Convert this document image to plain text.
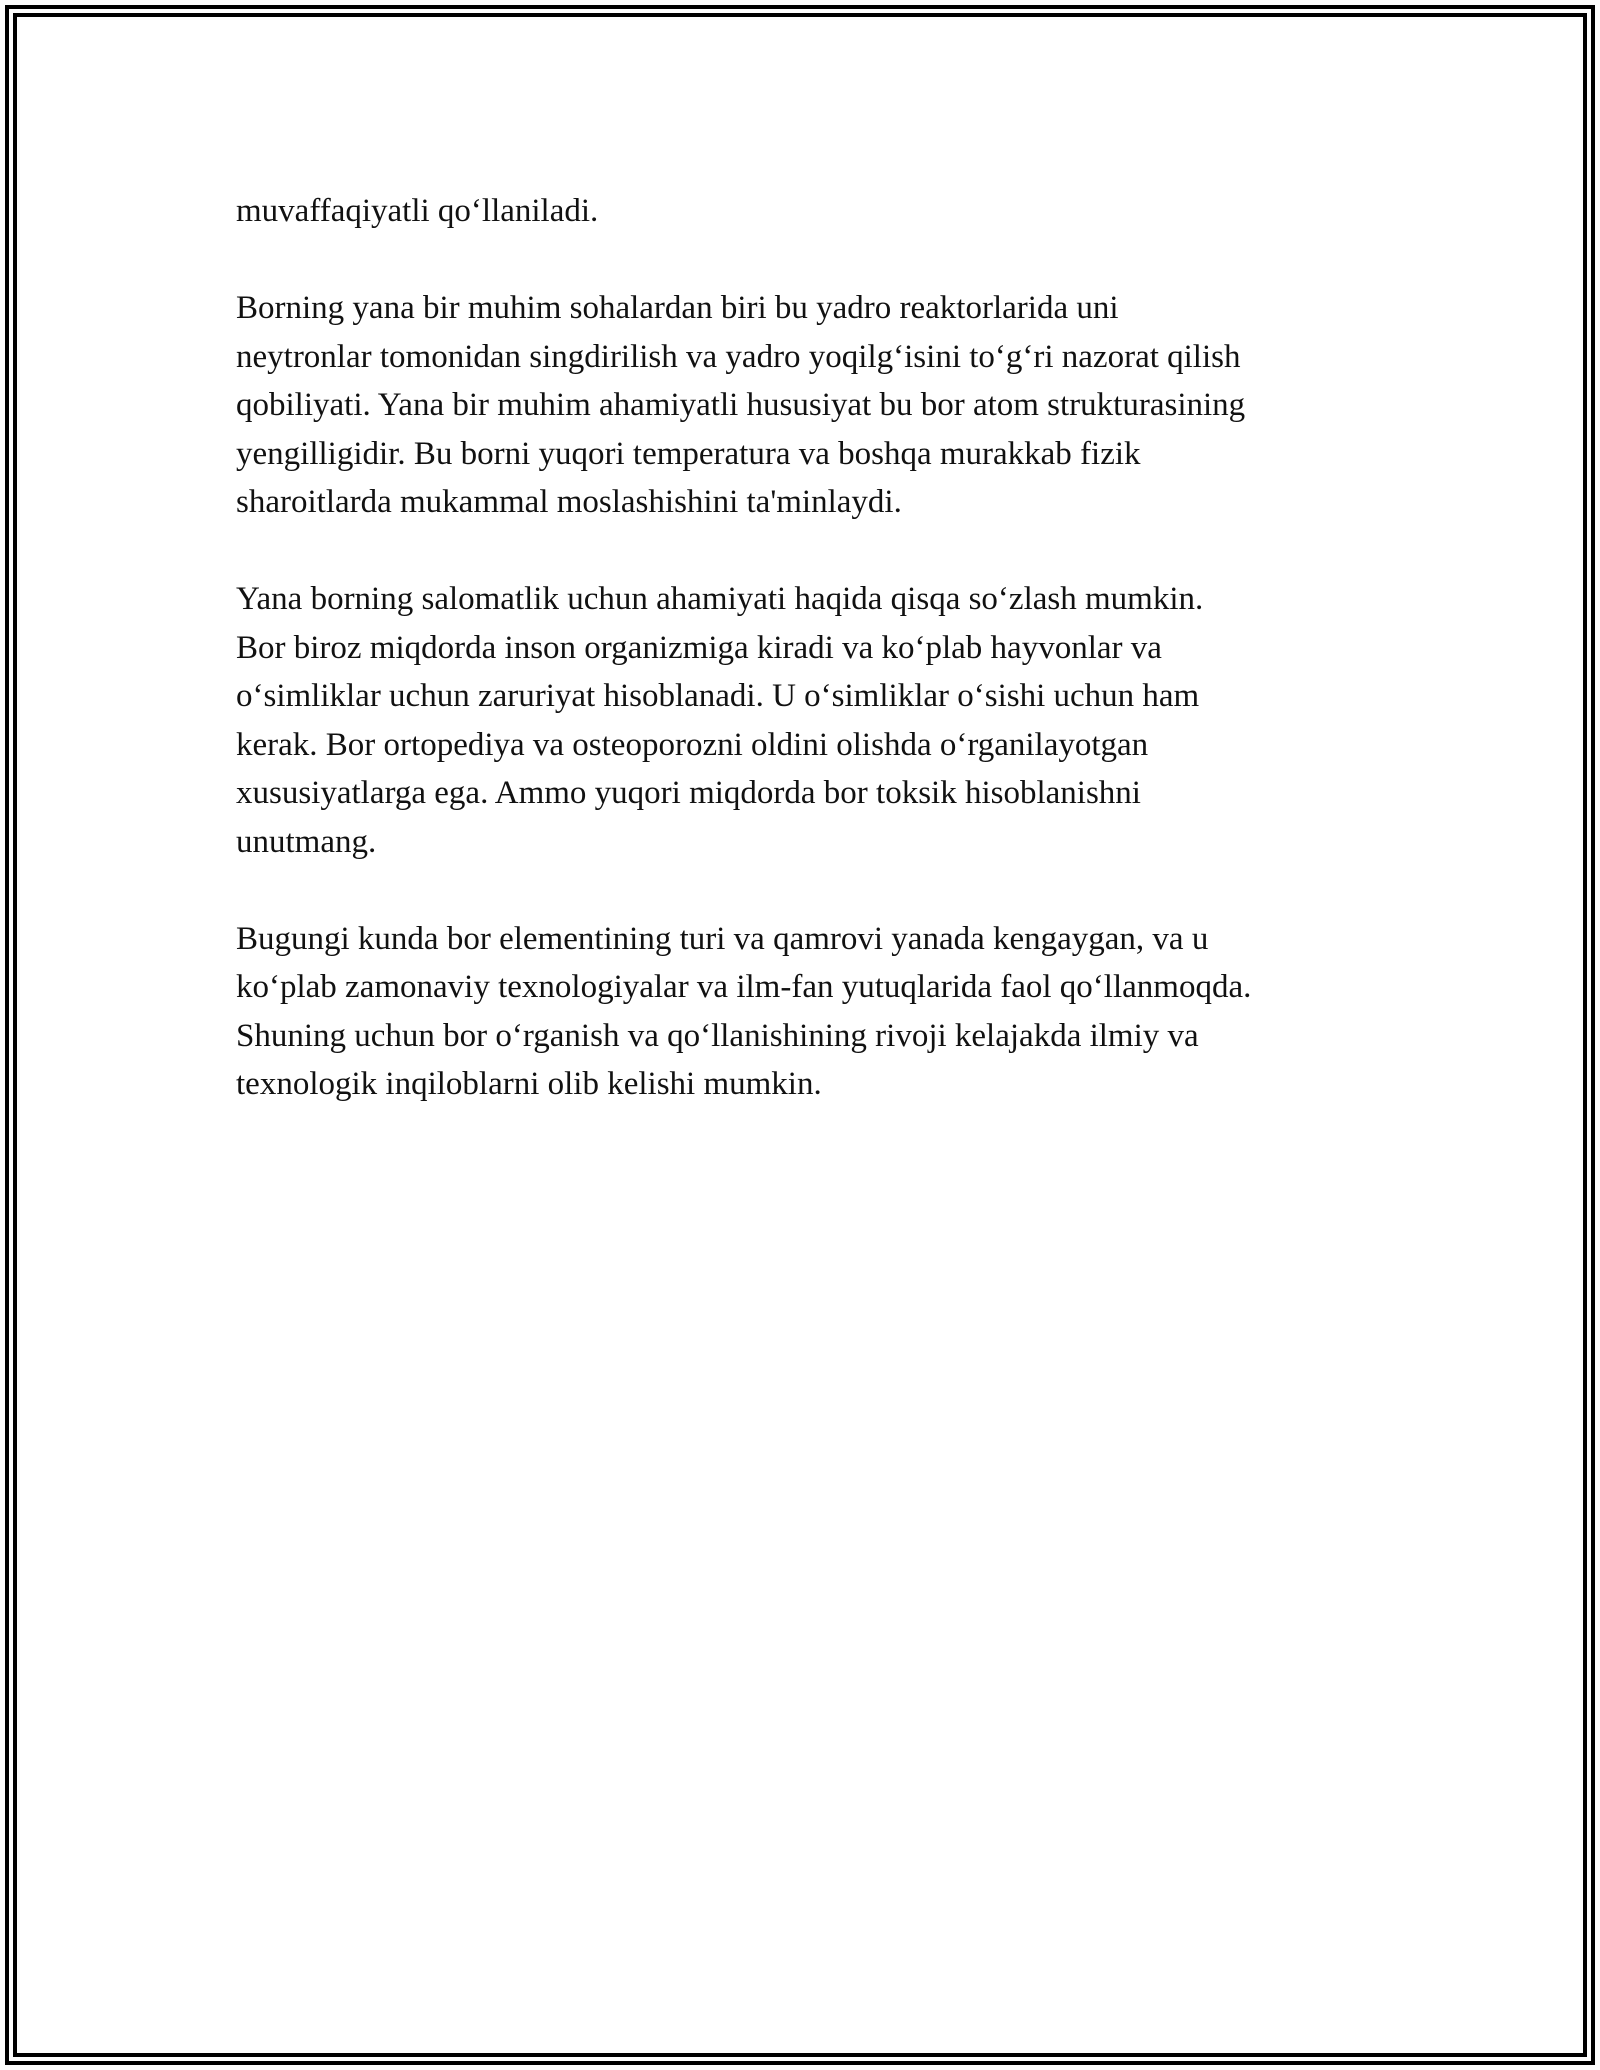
muvaffaqiyatli qo‘llaniladi.
Borning yana bir muhim sohalardan biri bu yadro reaktorlarida uni
neytronlar tomonidan singdirilish va yadro yoqilg‘isini to‘g‘ri nazorat qilish
qobiliyati. Yana bir muhim ahamiyatli hususiyat bu bor atom strukturasining
yengilligidir. Bu borni yuqori temperatura va boshqa murakkab fizik
sharoitlarda mukammal moslashishini ta'minlaydi.
Yana borning salomatlik uchun ahamiyati haqida qisqa so‘zlash mumkin.
Bor biroz miqdorda inson organizmiga kiradi va ko‘plab hayvonlar va
o‘simliklar uchun zaruriyat hisoblanadi. U o‘simliklar o‘sishi uchun ham
kerak. Bor ortopediya va osteoporozni oldini olishda o‘rganilayotgan
xususiyatlarga ega. Ammo yuqori miqdorda bor toksik hisoblanishni
unutmang.
Bugungi kunda bor elementining turi va qamrovi yanada kengaygan, va u
ko‘plab zamonaviy texnologiyalar va ilm-fan yutuqlarida faol qo‘llanmoqda.
Shuning uchun bor o‘rganish va qo‘llanishining rivoji kelajakda ilmiy va
texnologik inqiloblarni olib kelishi mumkin.
